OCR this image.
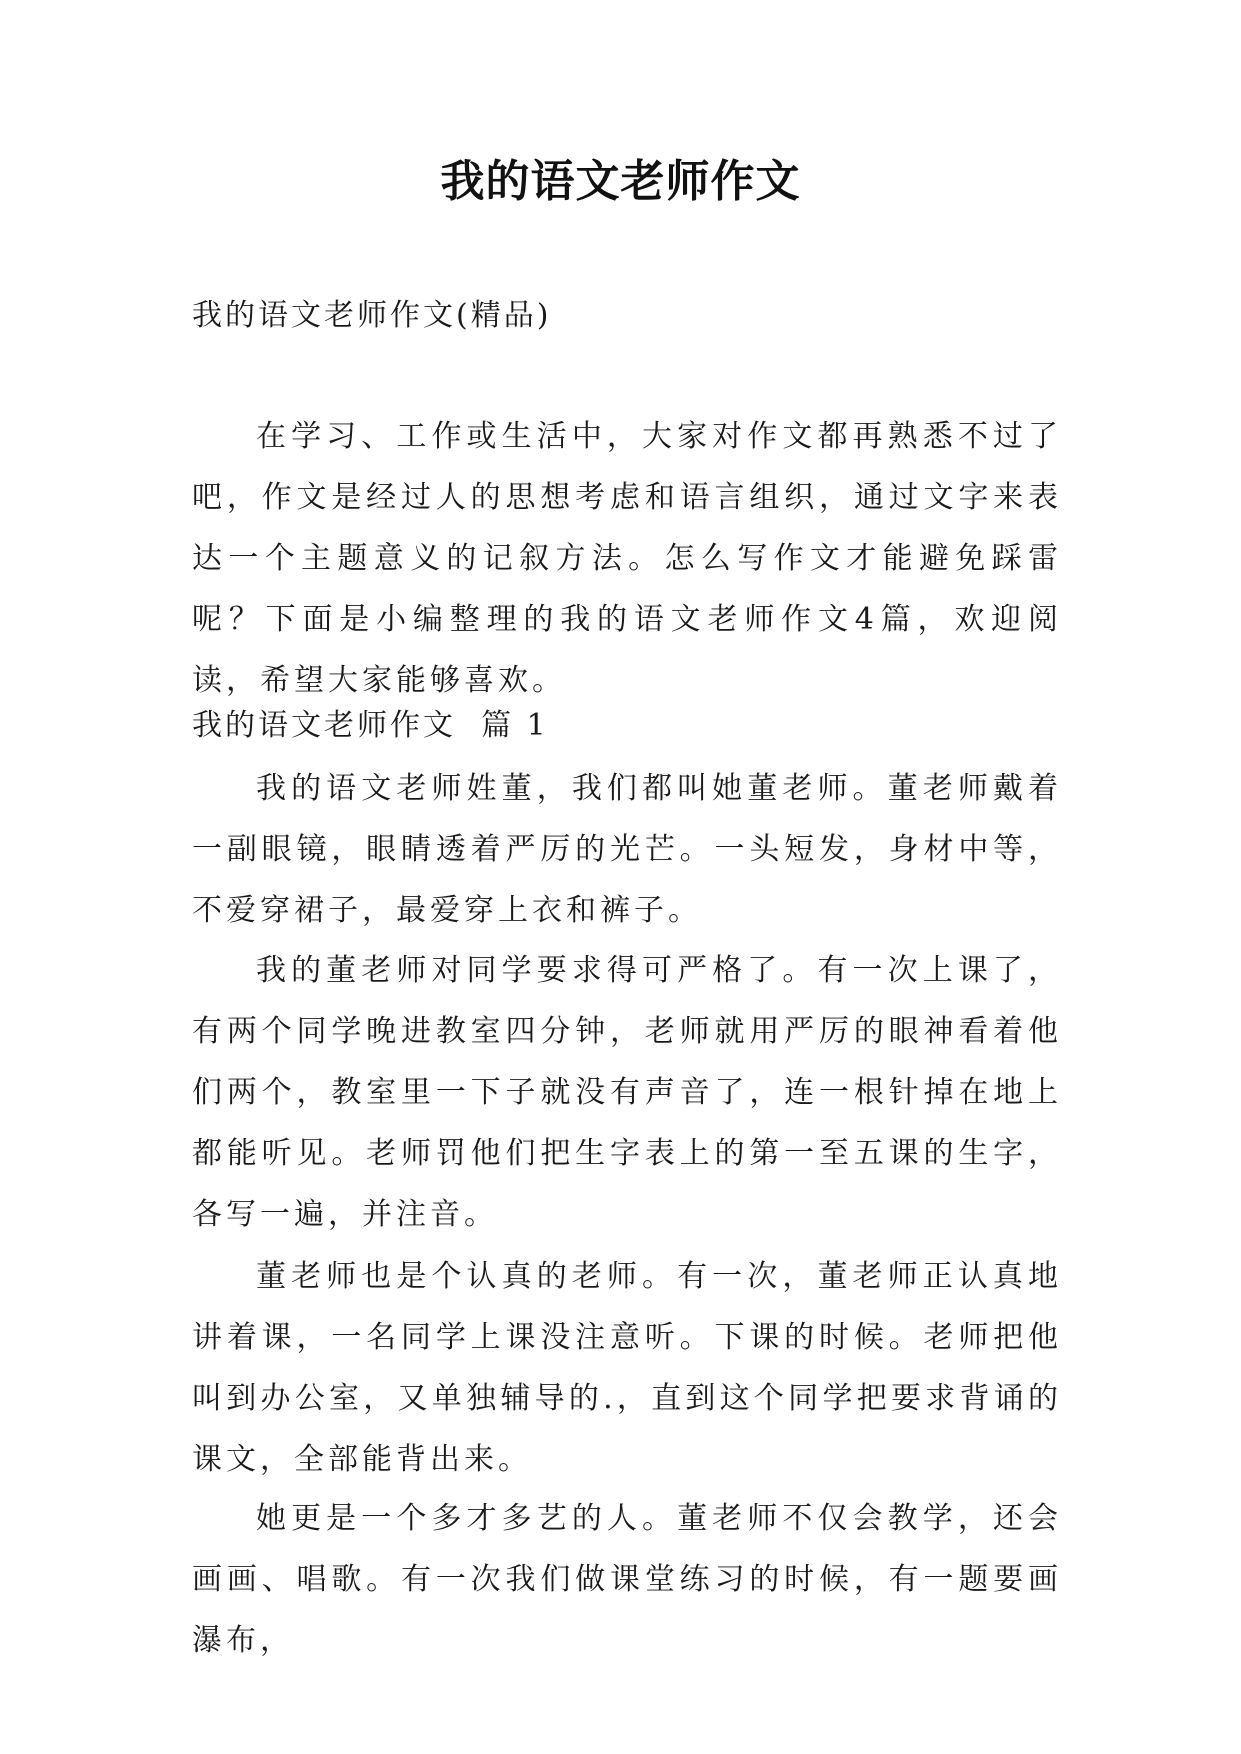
我的语文老师作文
我的语文老师作文(精品)

在学习、工作或生活中，大家对作文都再熟悉不过了吧，作文是经过人的思想考虑和语言组织，通过文字来表达一个主题意义的记叙方法。怎么写作文才能避免踩雷呢？下面是小编整理的我的语文老师作文4篇，欢迎阅读，希望大家能够喜欢。

我的语文老师作文  篇 1

我的语文老师姓董，我们都叫她董老师。董老师戴着一副眼镜，眼睛透着严厉的光芒。一头短发，身材中等，不爱穿裙子，最爱穿上衣和裤子。

我的董老师对同学要求得可严格了。有一次上课了，有两个同学晚进教室四分钟，老师就用严厉的眼神看着他们两个，教室里一下子就没有声音了，连一根针掉在地上都能听见。老师罚他们把生字表上的第一至五课的生字，各写一遍，并注音。

董老师也是个认真的老师。有一次，董老师正认真地讲着课，一名同学上课没注意听。下课的时候。老师把他叫到办公室，又单独辅导的.，直到这个同学把要求背诵的课文，全部能背出来。

她更是一个多才多艺的人。董老师不仅会教学，还会画画、唱歌。有一次我们做课堂练习的时候，有一题要画瀑布，
